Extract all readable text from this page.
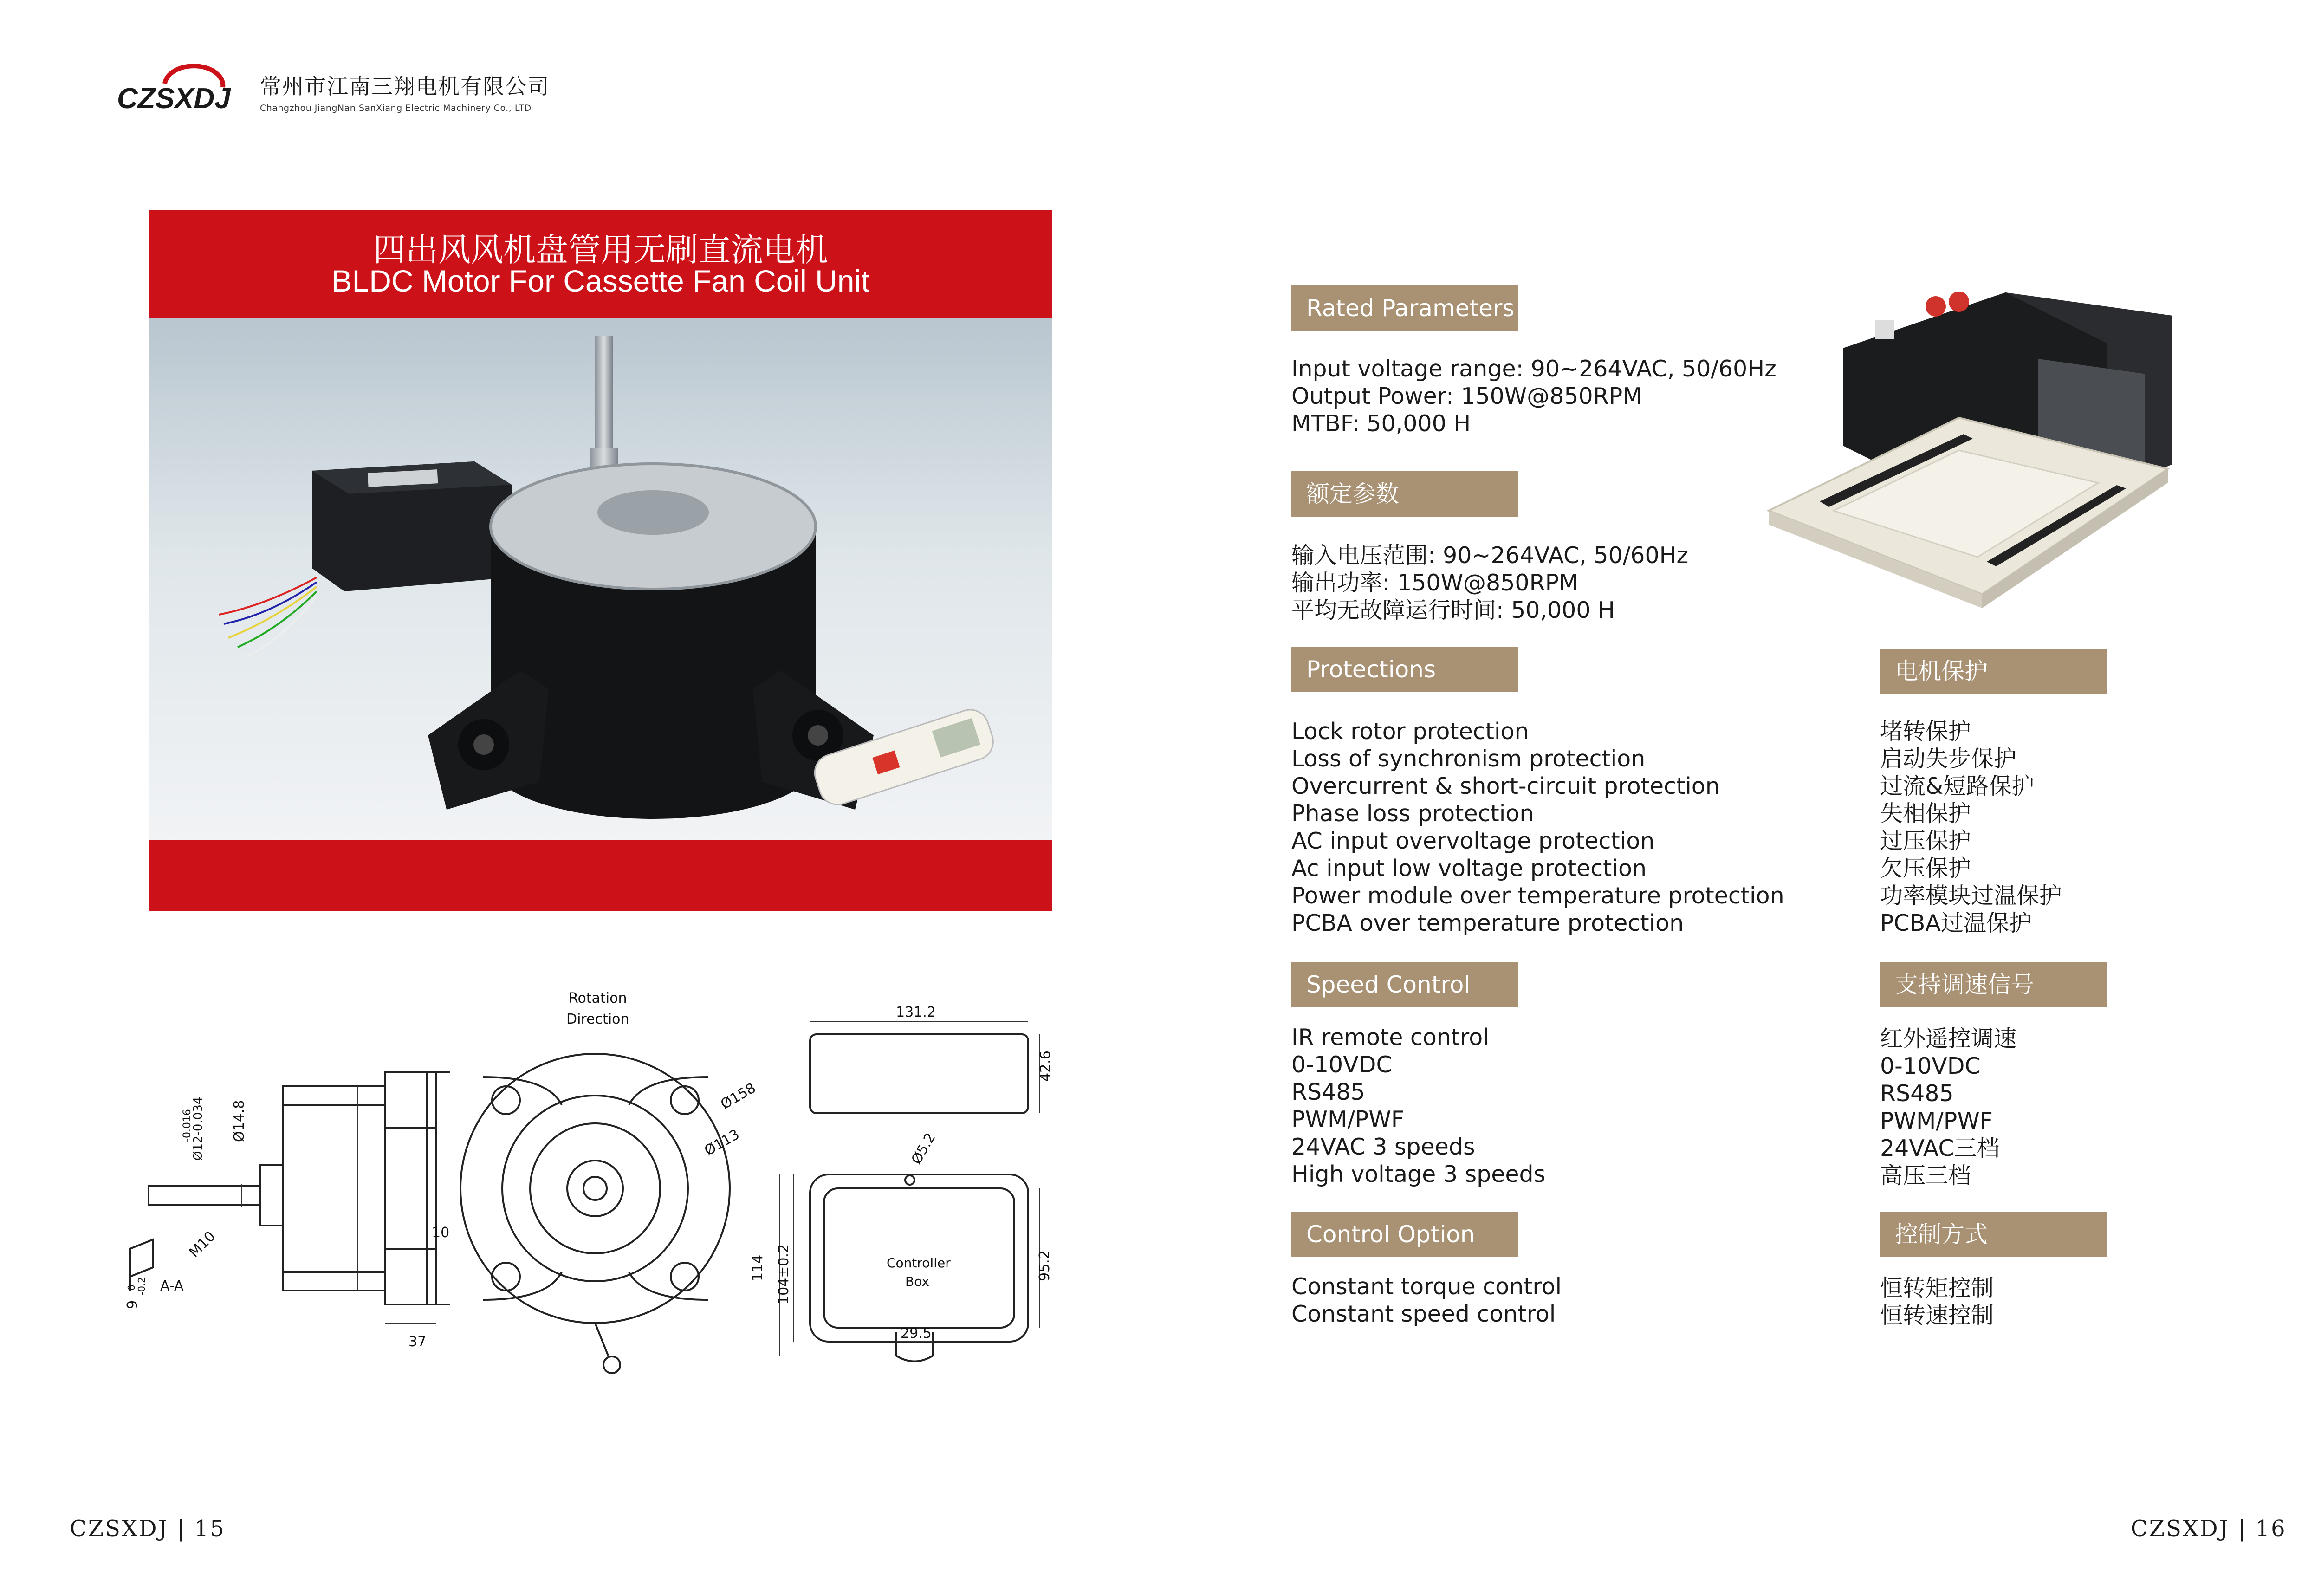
CZSXDJ 常州市江南三翔电机有限公司
Changzhou JiangNan SanXiang Electric Machinery Co., LTD
四出风风机盘管用无刷直流电机
BLDC Motor For Cassette Fan Coil Unit
Rotation
Direction	131.2
42.6
Ø158
Ø113	Ø5.2
-0.016
Ø12-0.034 Ø14.8
M10
A-A
9
0
-0.2
10
37
114 104±0.2	95.2
29.5
Controller
Box
Rated Parameters
Input voltage range: 90~264VAC, 50/60Hz
Output Power: 150W@850RPM
MTBF: 50,000 H
额定参数
输入电压范围: 90~264VAC, 50/60Hz
输出功率: 150W@850RPM
平均无故障运行时间: 50,000 H
Protections
Lock rotor protection
Loss of synchronism protection
Overcurrent & short-circuit protection
Phase loss protection
AC input overvoltage protection
Ac input low voltage protection
Power module over temperature protection
PCBA over temperature protection
Speed Control
IR remote control
0-10VDC
RS485
PWM/PWF
24VAC 3 speeds
High voltage 3 speeds
Control Option
Constant torque control
Constant speed control
电机保护
堵转保护
启动失步保护
过流&短路保护
失相保护
过压保护
欠压保护
功率模块过温保护
PCBA过温保护
支持调速信号
红外遥控调速
0-10VDC
RS485
PWM/PWF
24VAC三档
高压三档
控制方式
恒转矩控制
恒转速控制
CZSXDJ | 15	CZSXDJ | 16
